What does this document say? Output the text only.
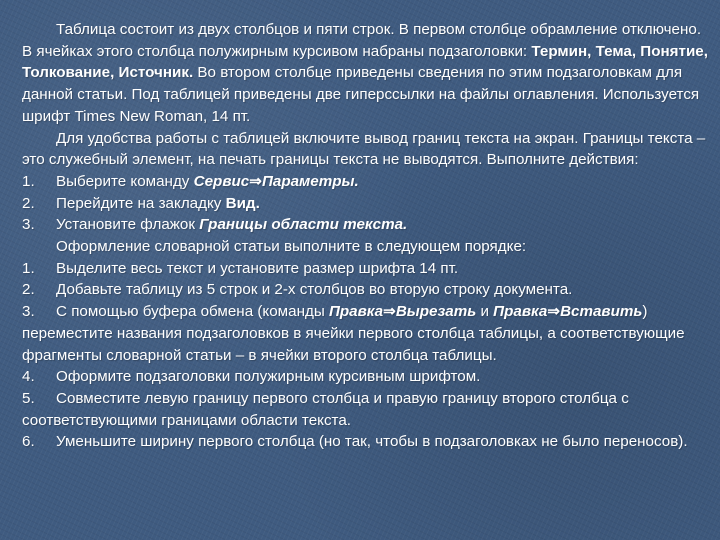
Таблица состоит из двух столбцов и пяти строк. В первом столбце обрамление отключено. В ячейках этого столбца полужирным курсивом набраны подзаголовки: Термин, Тема, Понятие, Толкование, Источник. Во втором столбце приведены сведения по этим подзаголовкам для данной статьи. Под таблицей приведены две гиперссылки на файлы оглавления. Используется шрифт Times New Roman, 14 пт.

Для удобства работы с таблицей включите вывод границ текста на экран. Границы текста – это служебный элемент, на печать границы текста не выводятся. Выполните действия:

1.	Выберите команду Сервис⇒Параметры.

2.	Перейдите на закладку Вид.

3.	Установите флажок Границы области текста.

Оформление словарной статьи выполните в следующем порядке:

1.	Выделите весь текст и установите размер шрифта 14 пт.

2.	Добавьте таблицу из 5 строк и 2-х столбцов во вторую строку документа.

3. С помощью буфера обмена (команды Правка⇒Вырезать и Правка⇒Вставить) переместите названия подзаголовков в ячейки первого столбца таблицы, а соответствующие фрагменты словарной статьи – в ячейки второго столбца таблицы.

4. Оформите подзаголовки полужирным курсивным шрифтом.

5. Совместите левую границу первого столбца и правую границу второго столбца с соответствующими границами области текста.

6. Уменьшите ширину первого столбца (но так, чтобы в подзаголовках не было переносов).
